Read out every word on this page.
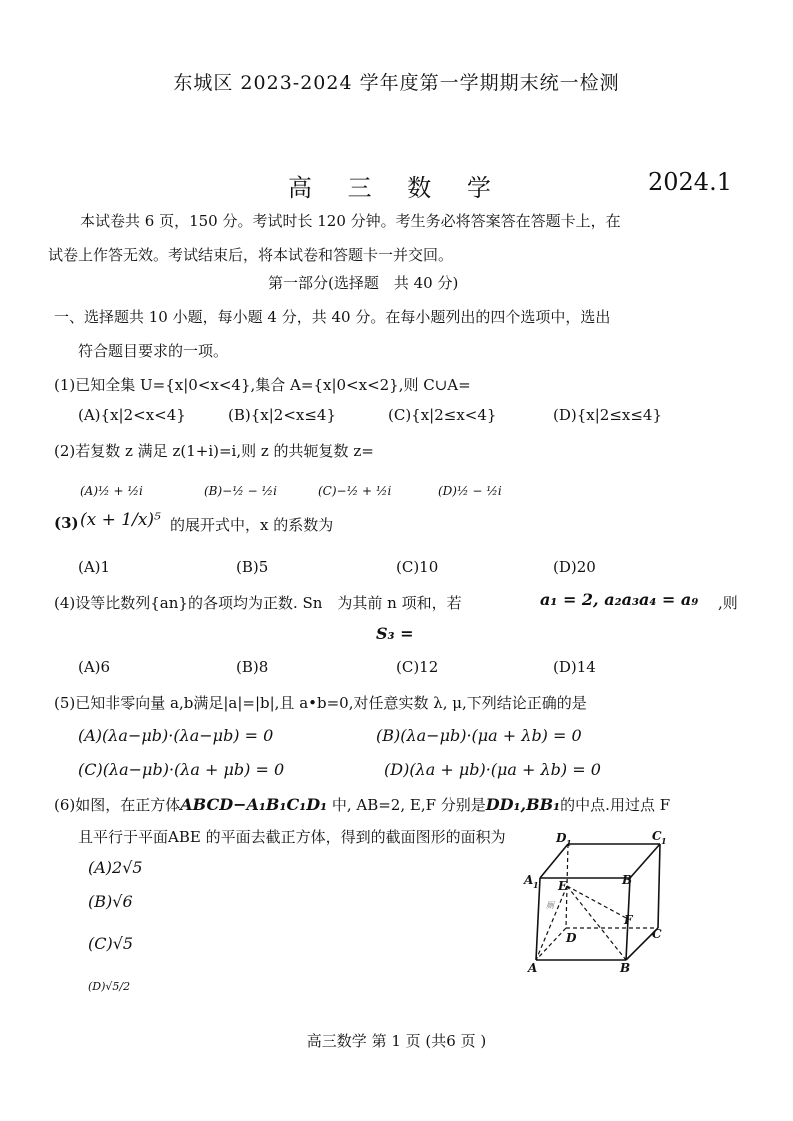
东城区 2023-2024 学年度第一学期期末统一检测
高 三 数 学	2024.1
本试卷共 6 页，150 分。考试时长 120 分钟。考生务必将答案答在答题卡上，在
试卷上作答无效。考试结束后，将本试卷和答题卡一并交回。
第一部分(选择题　共 40 分)
一、选择题共 10 小题，每小题 4 分，共 40 分。在每小题列出的四个选项中，选出
符合题目要求的一项。
(1)已知全集 U={x|0<x<4},集合 A={x|0<x<2},则 C∪A=
(A){x|2<x<4}	(B){x|2<x≤4}	(C){x|2≤x<4}	(D){x|2≤x≤4}
(2)若复数 z 满足 z(1+i)=i,则 z 的共轭复数 z=
(A)½ + ½i	(B)−½ − ½i	(C)−½ + ½i	(D)½ − ½i
(3) (x + 1/x)⁵ 的展开式中，x 的系数为
(A)1	(B)5	(C)10	(D)20
(4)设等比数列{an}的各项均为正数. Sn　为其前 n 项和，若	a₁ = 2, a₂a₃a₄ = a₉ ,则
S₃ =
(A)6	(B)8	(C)12	(D)14
(5)已知非零向量 a,b满足|a|=|b|,且 a•b=0,对任意实数 λ, μ,下列结论正确的是
(A)(λa−μb)·(λa−μb) = 0	(B)(λa−μb)·(μa + λb) = 0
(C)(λa−μb)·(λa + μb) = 0	(D)(λa + μb)·(μa + λb) = 0
(6)如图，在正方体ABCD−A₁B₁C₁D₁ 中, AB=2, E,F 分别是DD₁,BB₁的中点.用过点 F
且平行于平面ABE 的平面去截正方体，得到的截面图形的面积为
(A)2√5
(B)√6
(C)√5
(D)√5/2
D 1	C 1
A 1	B
E
F
D	C
A	B
厕
高三数学 第 1 页 (共6 页 )
